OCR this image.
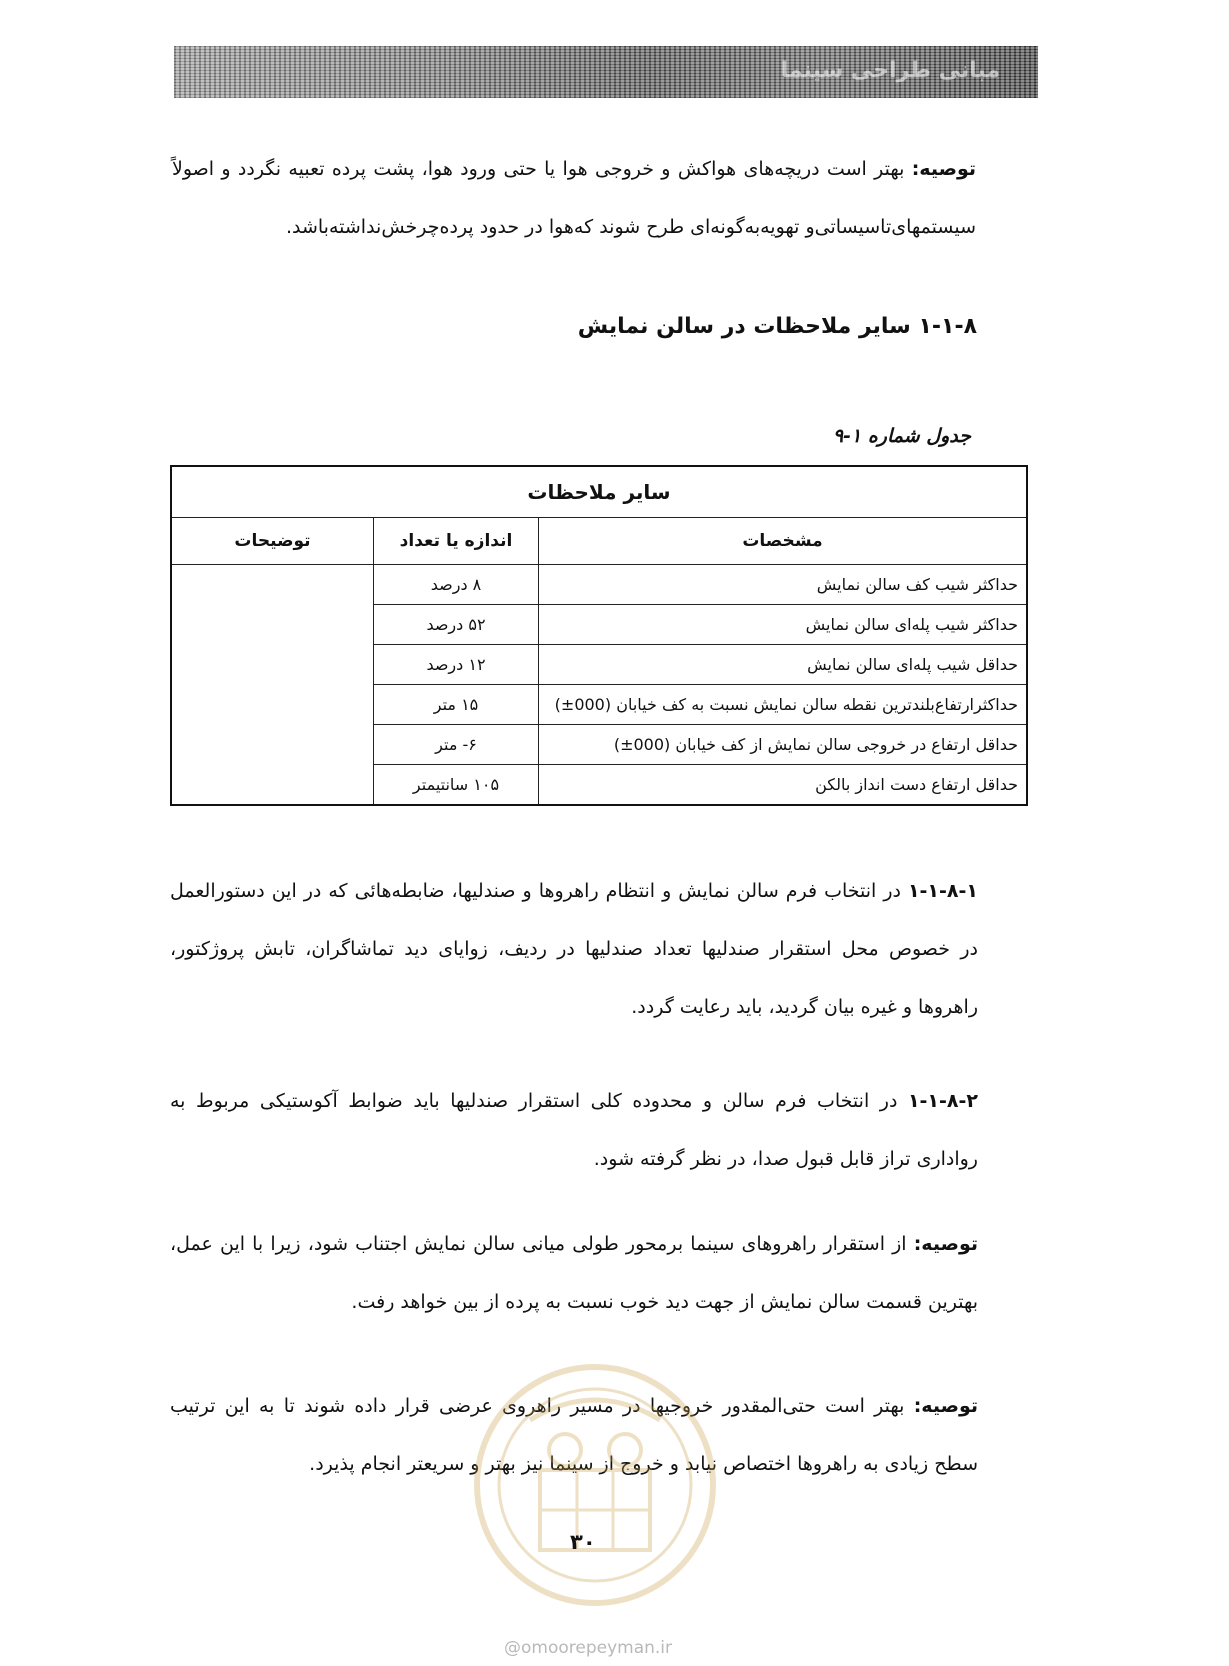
مبانی طراحی سینما

توصیه: بهتر است دریچه‌های هواکش و خروجی هوا یا حتی ورود هوا، پشت پرده تعبیه نگردد و اصولاً سیستمهای‌تاسیساتی‌و تهویه‌به‌گونه‌ای طرح شوند که‌هوا در حدود پرده‌چرخش‌نداشته‌باشد.

۱-۱-۸ سایر ملاحظات در سالن نمایش
جدول شماره ۱-۹
سایر ملاحظات		
مشخصات	اندازه یا تعداد	توضیحات
حداکثر شیب کف سالن نمایش	۸ درصد	
حداکثر شیب پله‌ای سالن نمایش	۵۲ درصد	
حداقل شیب پله‌ای سالن نمایش	۱۲ درصد	
حداکثرارتفاع‌بلندترین نقطه سالن نمایش نسبت به کف خیابان (000±)	۱۵ متر	
حداقل ارتفاع در خروجی سالن نمایش از کف خیابان (000±)	۶- متر	
حداقل ارتفاع دست انداز بالکن	۱۰۵ سانتیمتر	

۱-۱-۸-۱ در انتخاب فرم سالن نمایش و انتظام راهروها و صندلیها، ضابطه‌هائی که در این دستورالعمل در خصوص محل استقرار صندلیها تعداد صندلیها در ردیف، زوایای دید تماشاگران، تابش پروژکتور، راهروها و غیره بیان گردید، باید رعایت گردد.

۱-۱-۸-۲ در انتخاب فرم سالن و محدوده کلی استقرار صندلیها باید ضوابط آکوستیکی مربوط به رواداری تراز قابل قبول صدا، در نظر گرفته شود.

توصیه: از استقرار راهروهای سینما برمحور طولی میانی سالن نمایش اجتناب شود، زیرا با این عمل، بهترین قسمت سالن نمایش از جهت دید خوب نسبت به پرده از بین خواهد رفت.

توصیه: بهتر است حتی‌المقدور خروجیها در مسیر راهروی عرضی قرار داده شوند تا به این ترتیب سطح زیادی به راهروها اختصاص نیابد و خروج از سینما نیز بهتر و سریعتر انجام پذیرد.

۳۰
@omoorepeyman.ir
